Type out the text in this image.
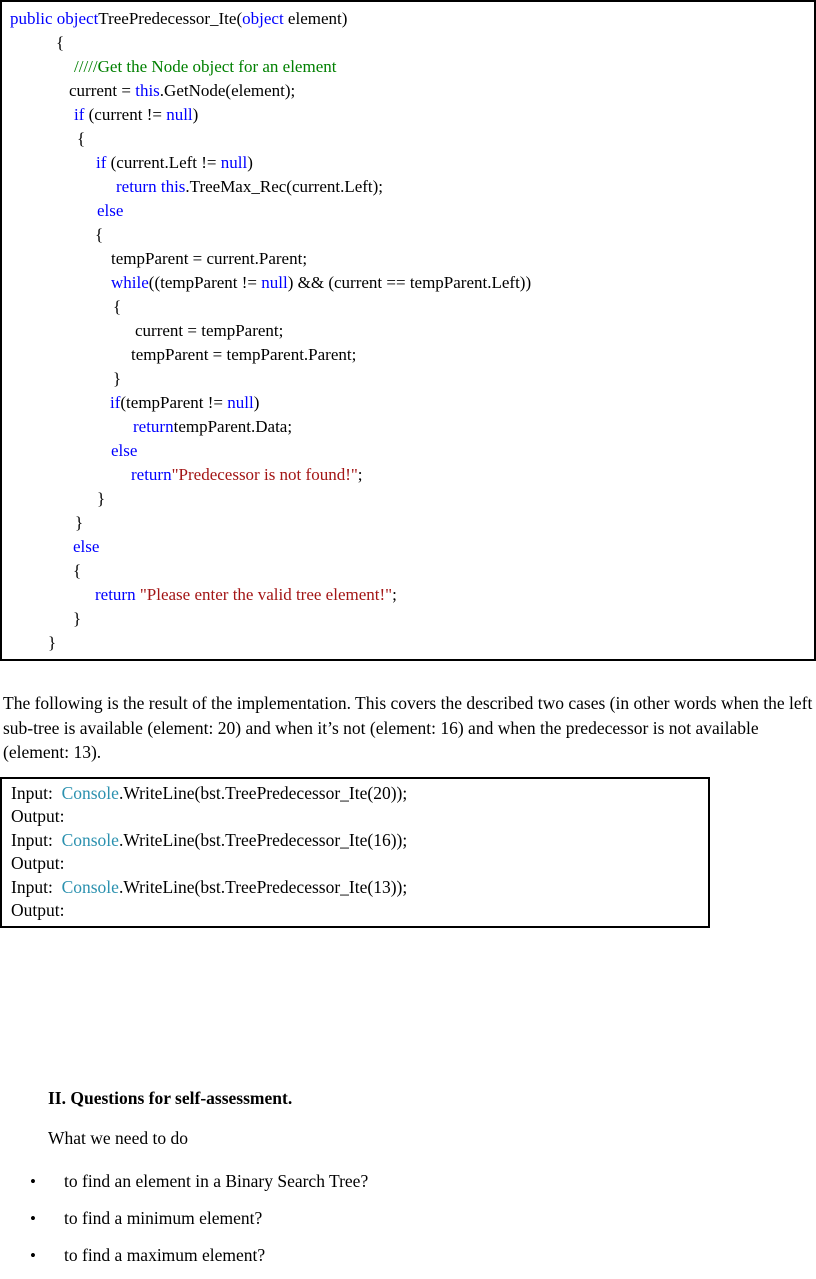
public objectTreePredecessor_Ite(object element)
{
/////Get the Node object for an element
current = this.GetNode(element);
if (current != null)
{
if (current.Left != null)
return this.TreeMax_Rec(current.Left);
else
{
tempParent = current.Parent;
while((tempParent != null) && (current == tempParent.Left))
{
current = tempParent;
tempParent = tempParent.Parent;
}
if(tempParent != null)
returntempParent.Data;
else
return"Predecessor is not found!";
}
}
else
{
return "Please enter the valid tree element!";
}
}

The following is the result of the implementation. This covers the described two cases (in other words when the left sub-tree is available (element: 20) and when it’s not (element: 16) and when the predecessor is not available (element: 13).

Input:  Console.WriteLine(bst.TreePredecessor_Ite(20));
Output:
Input:  Console.WriteLine(bst.TreePredecessor_Ite(16));
Output:
Input:  Console.WriteLine(bst.TreePredecessor_Ite(13));
Output:
II. Questions for self-assessment.

What we need to do

• to find an element in a Binary Search Tree?
• to find a minimum element?
• to find a maximum element?
